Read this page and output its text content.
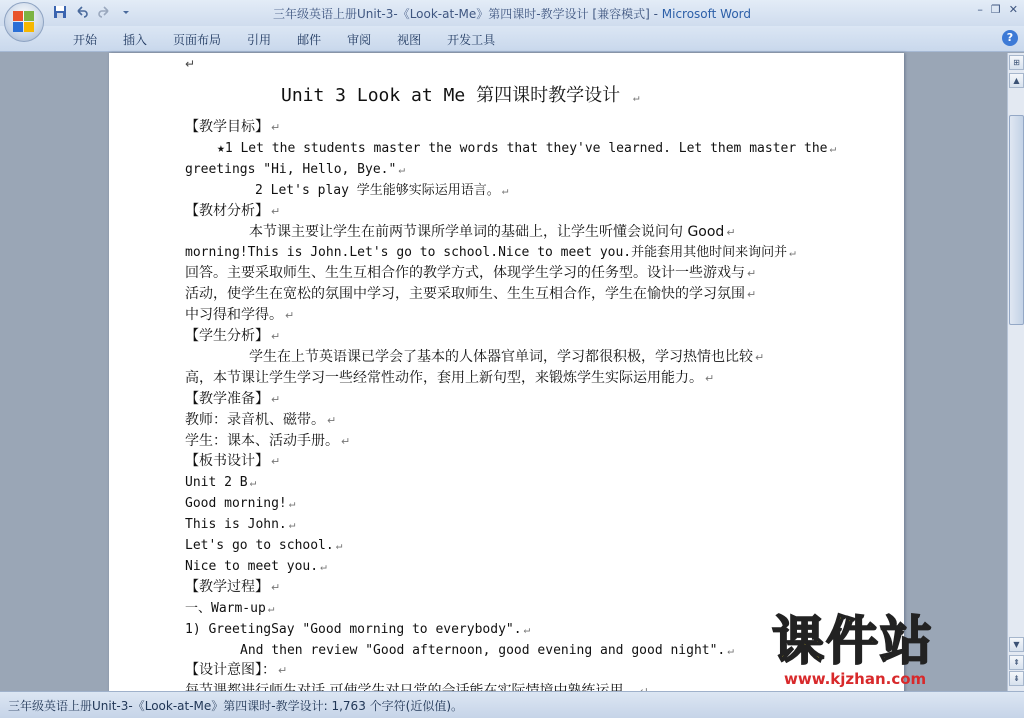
三年级英语上册Unit-3-《Look-at-Me》第四课时-教学设计 [兼容模式] - Microsoft Word	– ❐ ✕
开始	插入	页面布局	引用	邮件	审阅	视图	开发工具	?
↵
Unit 3 Look at Me 第四课时教学设计 ↵
【教学目标】 ↵
★1 Let the students master the words that they've learned. Let them master the ↵
greetings "Hi, Hello, Bye." ↵
2 Let's play 学生能够实际运用语言。 ↵
【教材分析】 ↵
本节课主要让学生在前两节课所学单词的基础上，让学生听懂会说问句 Good ↵
morning!This is John.Let's go to school.Nice to meet you.并能套用其他时间来询问并 ↵
回答。主要采取师生、生生互相合作的教学方式，体现学生学习的任务型。设计一些游戏与 ↵
活动，使学生在宽松的氛围中学习，主要采取师生、生生互相合作，学生在愉快的学习氛围 ↵
中习得和学得。 ↵
【学生分析】 ↵
学生在上节英语课已学会了基本的人体器官单词，学习都很积极，学习热情也比较 ↵
高，本节课让学生学习一些经常性动作，套用上新句型，来锻炼学生实际运用能力。 ↵
【教学准备】 ↵
教师：录音机、磁带。 ↵
学生：课本、活动手册。 ↵
【板书设计】 ↵
Unit 2 B ↵
Good morning! ↵
This is John. ↵
Let's go to school. ↵
Nice to meet you. ↵
【教学过程】 ↵
一、Warm-up ↵
1) GreetingSay "Good morning to everybody". ↵
And then review "Good afternoon, good evening and good night". ↵
【设计意图】： ↵
⊞
▲
▼
⇞
⇟
三年级英语上册Unit-3-《Look-at-Me》第四课时-教学设计: 1,763 个字符(近似值)。
课件站
www.kjzhan.com
